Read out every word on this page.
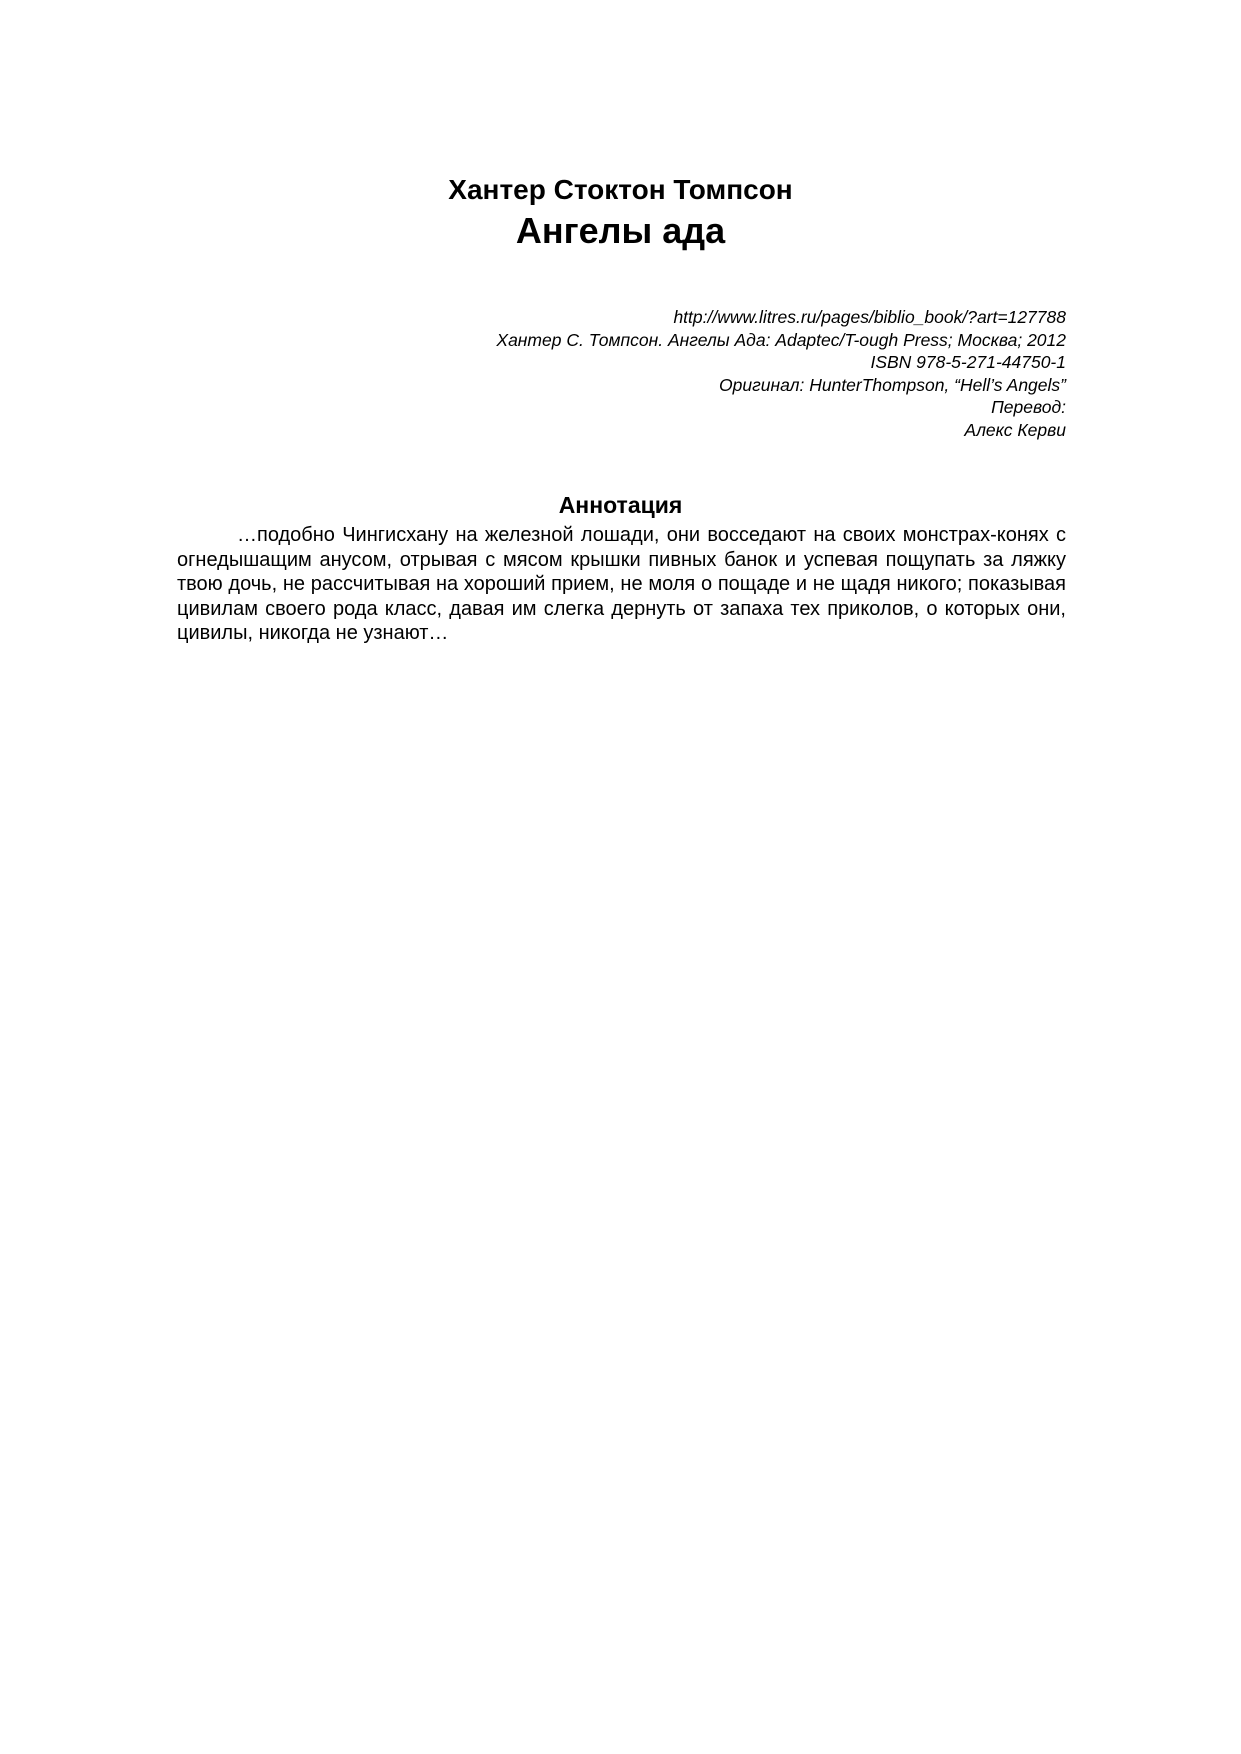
Хантер Стоктон Томпсон
Ангелы ада
http://www.litres.ru/pages/biblio_book/?art=127788
Хантер С. Томпсон. Ангелы Ада: Adaptec/T-ough Press; Москва; 2012
ISBN 978-5-271-44750-1
Оригинал: HunterThompson, “Hell’s Angels”
Перевод:
Алекс Керви
Аннотация

…подобно Чингисхану на железной лошади, они восседают на своих монстрах-конях с огнедышащим анусом, отрывая с мясом крышки пивных банок и успевая пощупать за ляжку твою дочь, не рассчитывая на хороший прием, не моля о пощаде и не щадя никого; показывая цивилам своего рода класс, давая им слегка дернуть от запаха тех приколов, о которых они, цивилы, никогда не узнают…
